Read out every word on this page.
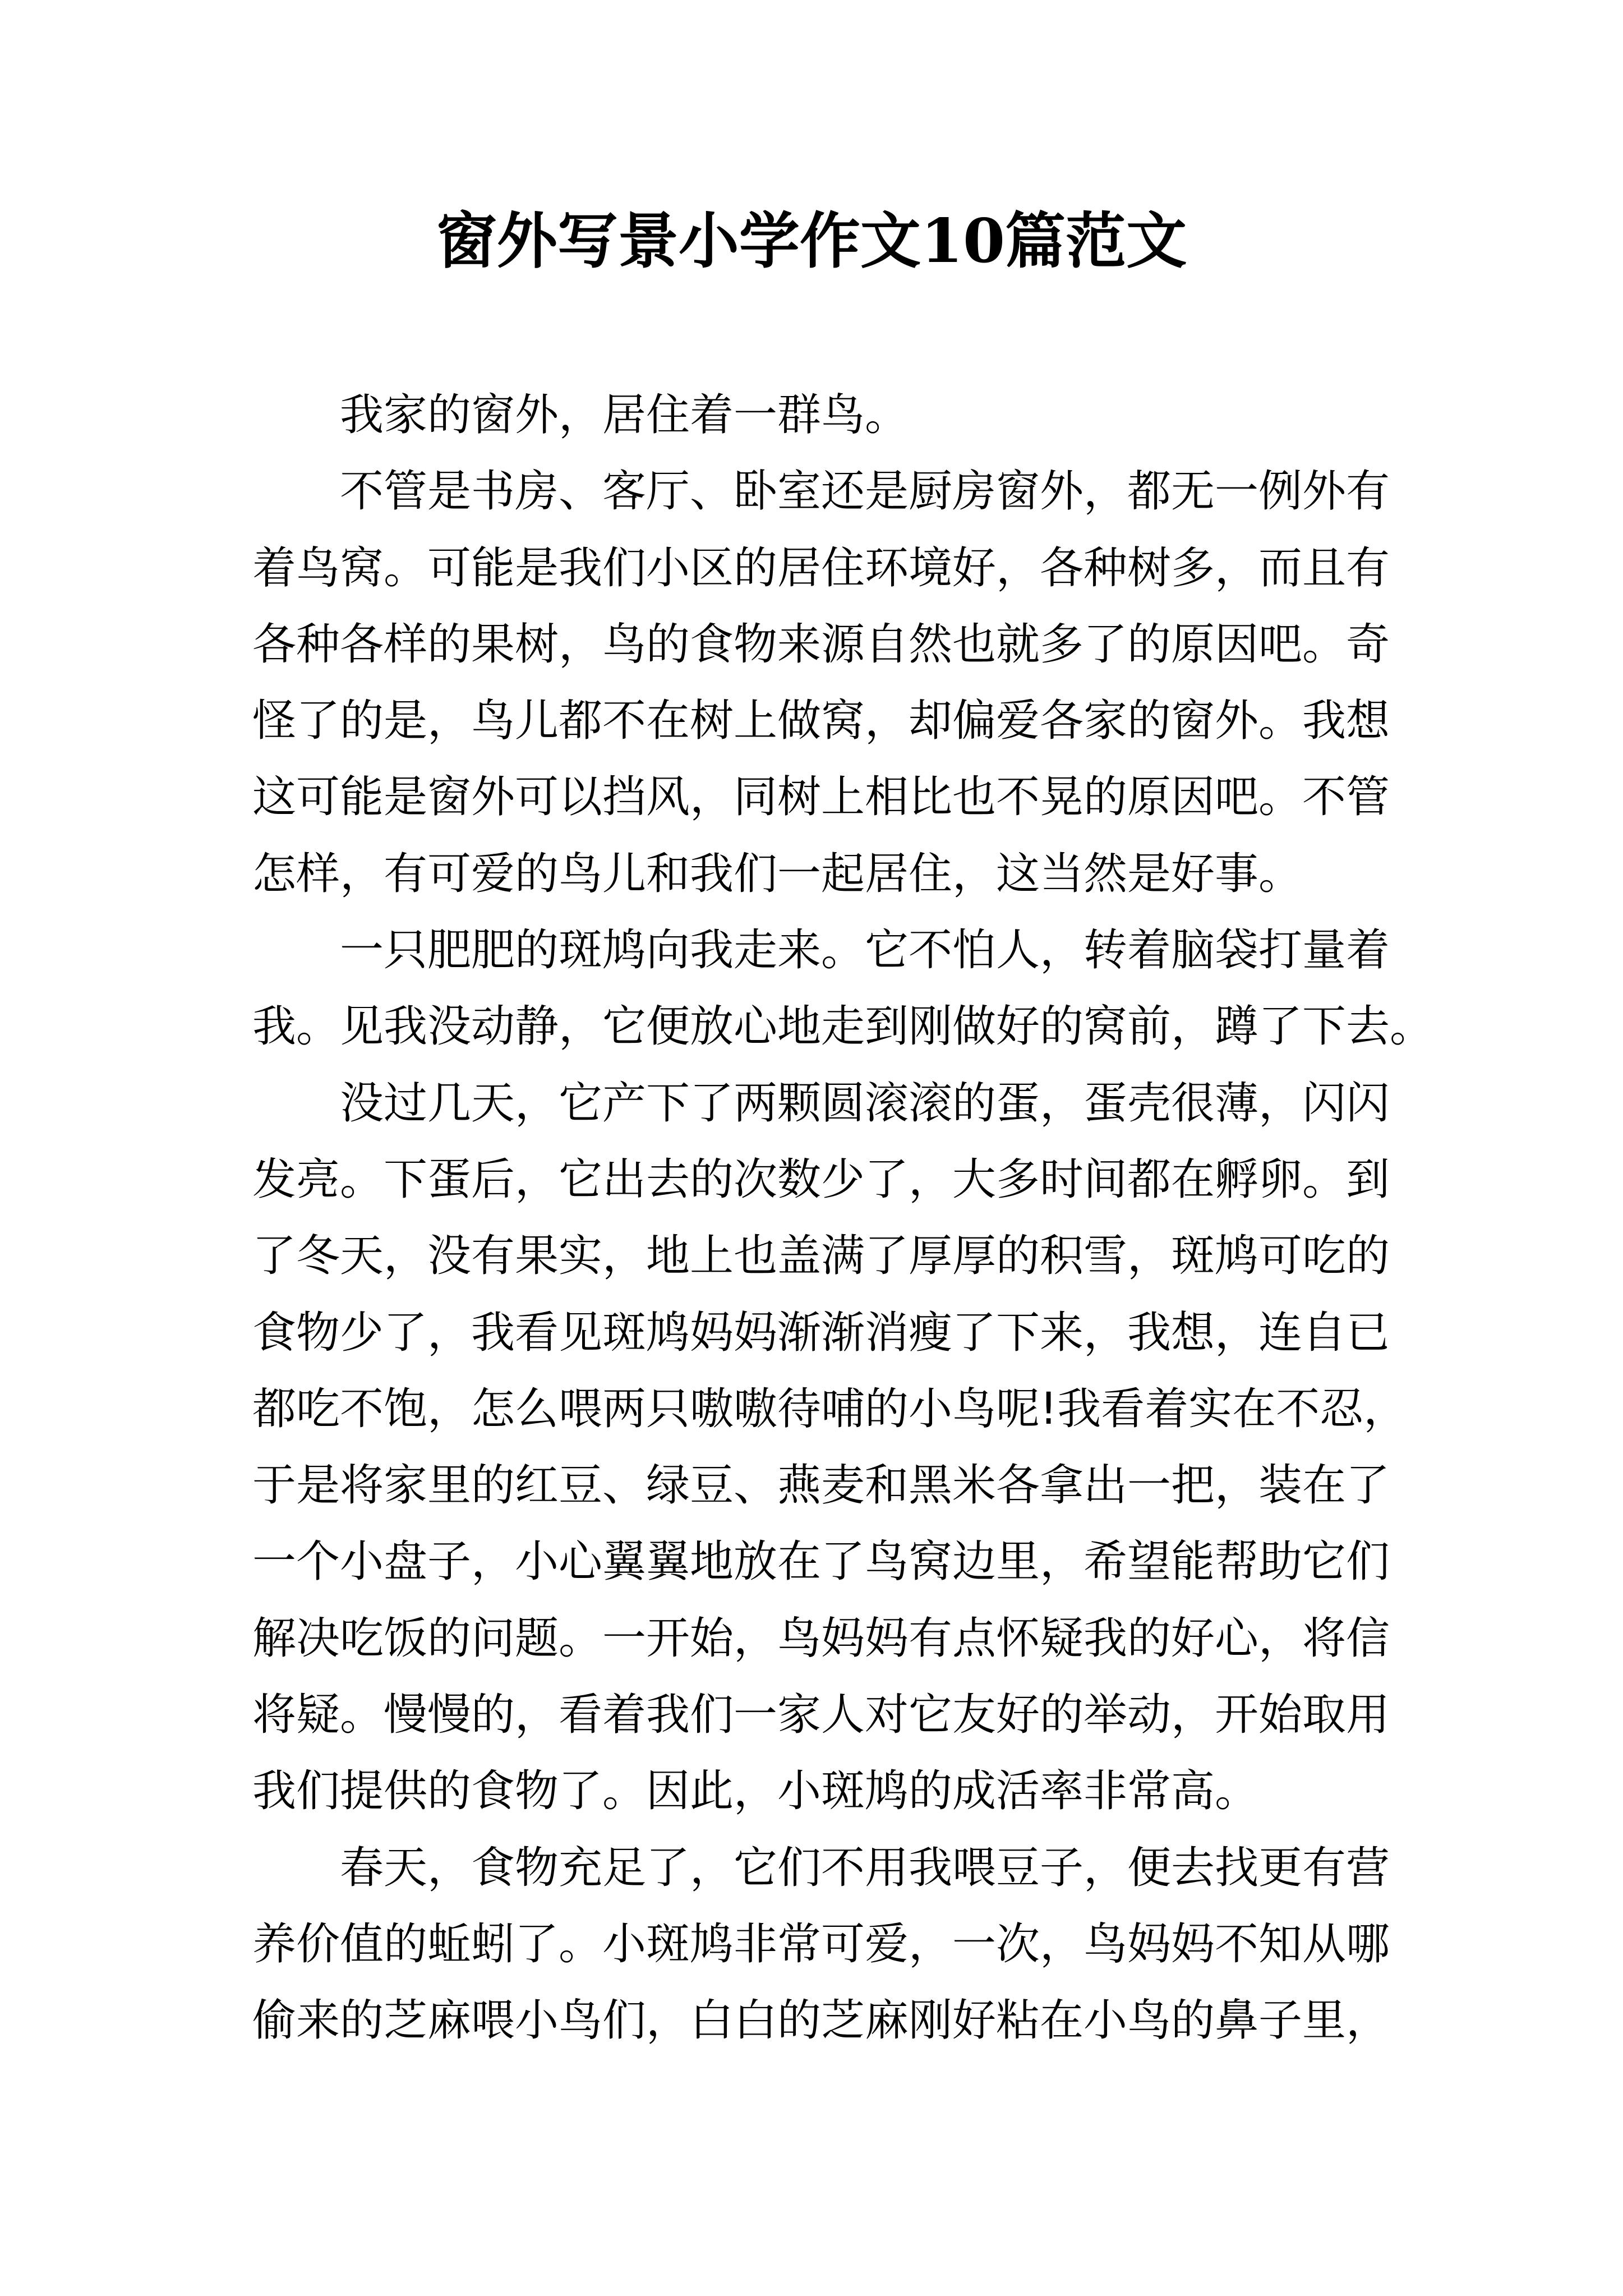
窗外写景小学作文10篇范文
我家的窗外，居住着一群鸟。
不管是书房、客厅、卧室还是厨房窗外，都无一例外有
着鸟窝。可能是我们小区的居住环境好，各种树多，而且有
各种各样的果树，鸟的食物来源自然也就多了的原因吧。奇
怪了的是，鸟儿都不在树上做窝，却偏爱各家的窗外。我想
这可能是窗外可以挡风，同树上相比也不晃的原因吧。不管
怎样，有可爱的鸟儿和我们一起居住，这当然是好事。
一只肥肥的斑鸠向我走来。它不怕人，转着脑袋打量着
我。见我没动静，它便放心地走到刚做好的窝前，蹲了下去。
没过几天，它产下了两颗圆滚滚的蛋，蛋壳很薄，闪闪
发亮。下蛋后，它出去的次数少了，大多时间都在孵卵。到
了冬天，没有果实，地上也盖满了厚厚的积雪，斑鸠可吃的
食物少了，我看见斑鸠妈妈渐渐消瘦了下来，我想，连自已
都吃不饱，怎么喂两只嗷嗷待哺的小鸟呢!我看着实在不忍，
于是将家里的红豆、绿豆、燕麦和黑米各拿出一把，装在了
一个小盘子，小心翼翼地放在了鸟窝边里，希望能帮助它们
解决吃饭的问题。一开始，鸟妈妈有点怀疑我的好心，将信
将疑。慢慢的，看着我们一家人对它友好的举动，开始取用
我们提供的食物了。因此，小斑鸠的成活率非常高。
春天，食物充足了，它们不用我喂豆子，便去找更有营
养价值的蚯蚓了。小斑鸠非常可爱，一次，鸟妈妈不知从哪
偷来的芝麻喂小鸟们，白白的芝麻刚好粘在小鸟的鼻子里，
